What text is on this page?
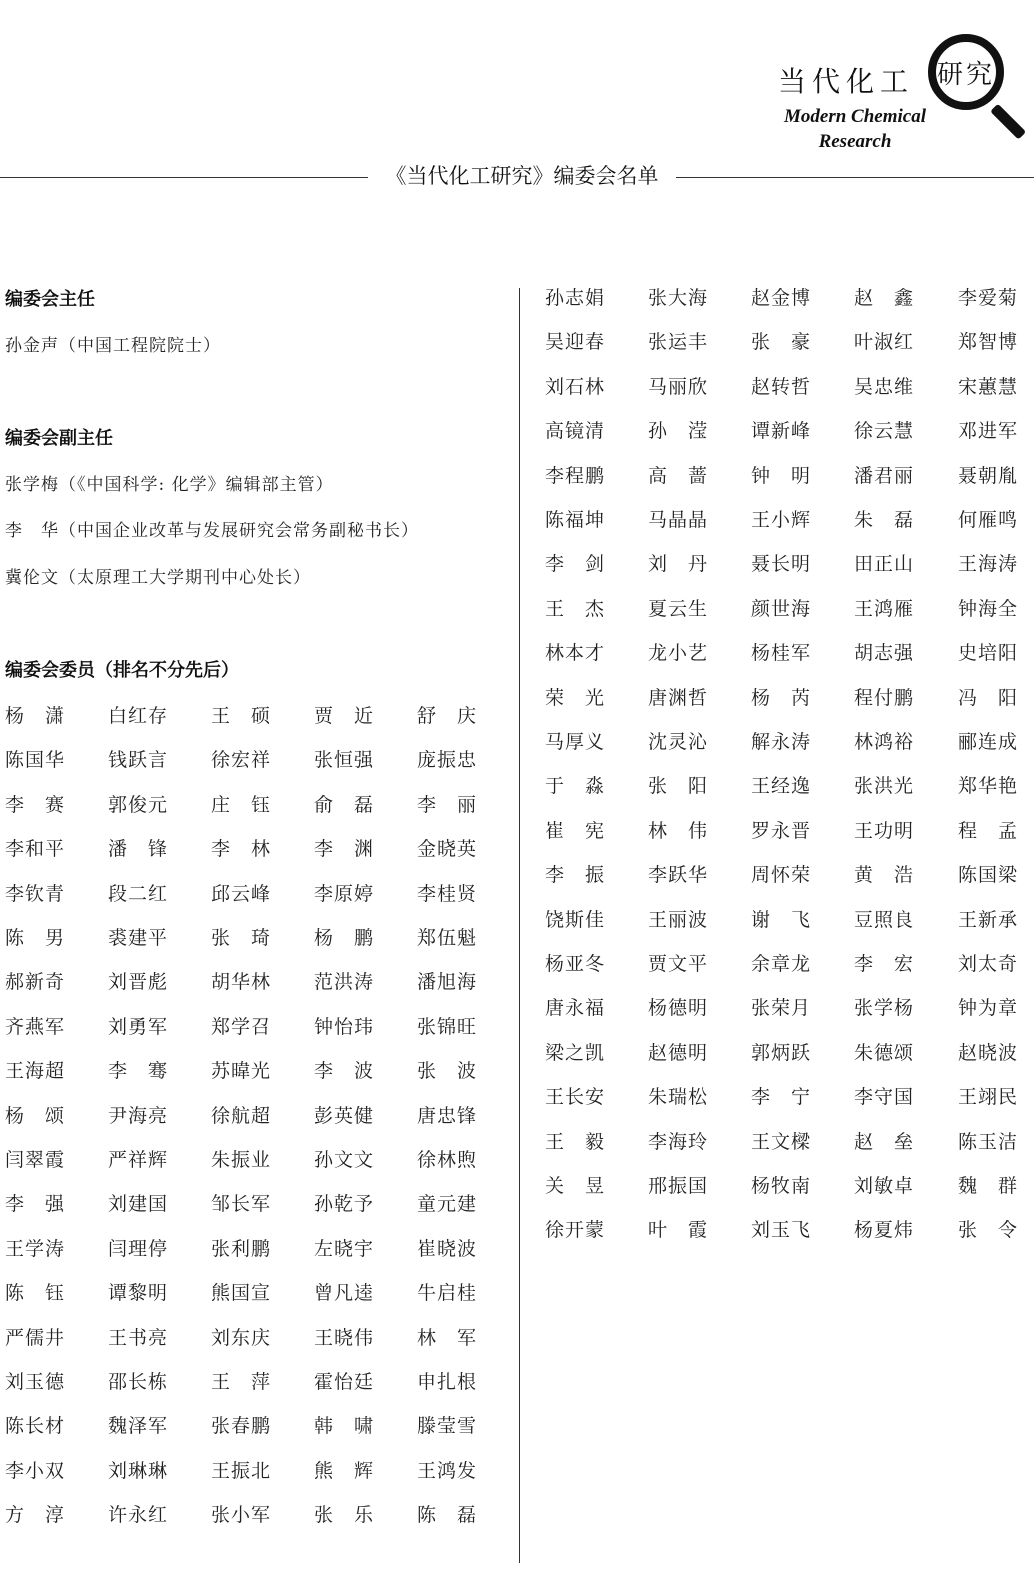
当代化工
Modern Chemical
Research
研究
《当代化工研究》编委会名单
编委会主任
孙金声（中国工程院院士）
编委会副主任
张学梅（《中国科学: 化学》编辑部主管）
李　华（中国企业改革与发展研究会常务副秘书长）
冀伦文（太原理工大学期刊中心处长）
编委会委员（排名不分先后）
杨　潇 白红存 王　硕 贾　近 舒　庆
陈国华 钱跃言 徐宏祥 张恒强 庞振忠
李　赛 郭俊元 庄　钰 俞　磊 李　丽
李和平 潘　锋 李　林 李　渊 金晓英
李钦青 段二红 邱云峰 李原婷 李桂贤
陈　男 裘建平 张　琦 杨　鹏 郑伍魁
郝新奇 刘晋彪 胡华林 范洪涛 潘旭海
齐燕军 刘勇军 郑学召 钟怡玮 张锦旺
王海超 李　骞 苏暐光 李　波 张　波
杨　颂 尹海亮 徐航超 彭英健 唐忠锋
闫翠霞 严祥辉 朱振业 孙文文 徐林煦
李　强 刘建国 邹长军 孙乾予 童元建
王学涛 闫理停 张利鹏 左晓宇 崔晓波
陈　钰 谭黎明 熊国宣 曾凡逵 牛启桂
严儒井 王书亮 刘东庆 王晓伟 林　军
刘玉德 邵长栋 王　萍 霍怡廷 申扎根
陈长材 魏泽军 张春鹏 韩　啸 滕莹雪
李小双 刘琳琳 王振北 熊　辉 王鸿发
方　淳 许永红 张小军 张　乐 陈　磊
孙志娟 张大海 赵金博 赵　鑫 李爱菊
吴迎春 张运丰 张　豪 叶淑红 郑智博
刘石林 马丽欣 赵转哲 吴忠维 宋蕙慧
高镜清 孙　滢 谭新峰 徐云慧 邓进军
李程鹏 高　蔷 钟　明 潘君丽 聂朝胤
陈福坤 马晶晶 王小辉 朱　磊 何雁鸣
李　剑 刘　丹 聂长明 田正山 王海涛
王　杰 夏云生 颜世海 王鸿雁 钟海全
林本才 龙小艺 杨桂军 胡志强 史培阳
荣　光 唐渊哲 杨　芮 程付鹏 冯　阳
马厚义 沈灵沁 解永涛 林鸿裕 郦连成
于　淼 张　阳 王经逸 张洪光 郑华艳
崔　宪 林　伟 罗永晋 王功明 程　孟
李　振 李跃华 周怀荣 黄　浩 陈国梁
饶斯佳 王丽波 谢　飞 豆照良 王新承
杨亚冬 贾文平 余章龙 李　宏 刘太奇
唐永福 杨德明 张荣月 张学杨 钟为章
梁之凯 赵德明 郭炳跃 朱德颂 赵晓波
王长安 朱瑞松 李　宁 李守国 王翊民
王　毅 李海玲 王文樑 赵　垒 陈玉洁
关　昱 邢振国 杨牧南 刘敏卓 魏　群
徐开蒙 叶　霞 刘玉飞 杨夏炜 张　令
